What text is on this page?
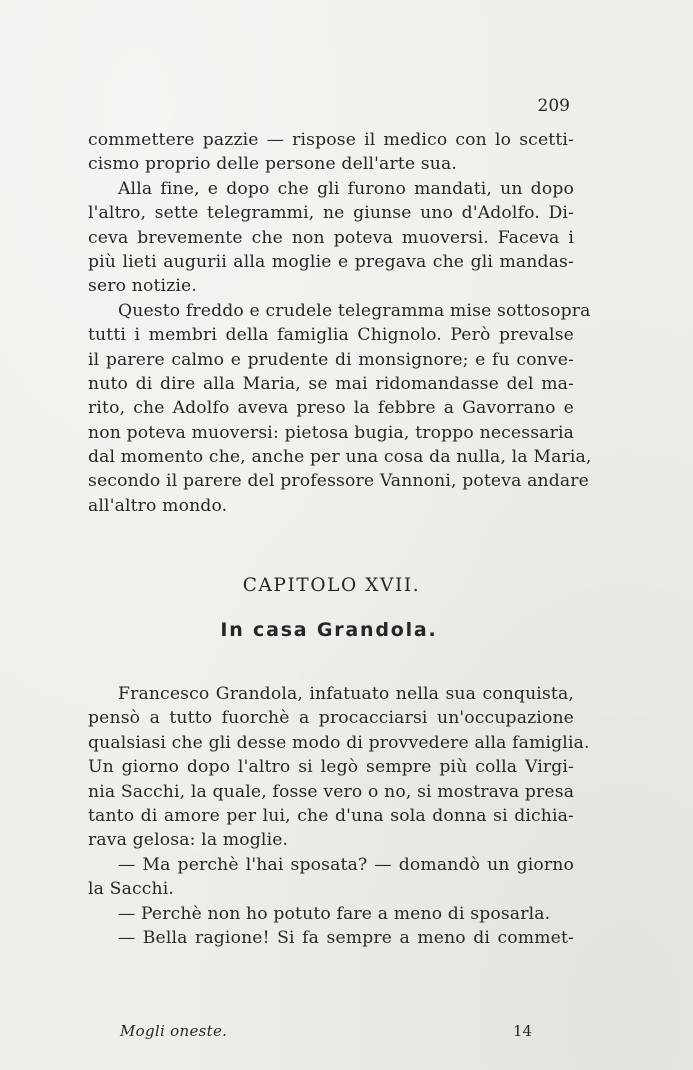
209
commettere pazzie — rispose il medico con lo scetti-
cismo proprio delle persone dell'arte sua.
Alla fine, e dopo che gli furono mandati, un dopo
l'altro, sette telegrammi, ne giunse uno d'Adolfo. Di-
ceva brevemente che non poteva muoversi. Faceva i
più lieti augurii alla moglie e pregava che gli mandas-
sero notizie.
Questo freddo e crudele telegramma mise sottosopra
tutti i membri della famiglia Chignolo. Però prevalse
il parere calmo e prudente di monsignore; e fu conve-
nuto di dire alla Maria, se mai ridomandasse del ma-
rito, che Adolfo aveva preso la febbre a Gavorrano e
non poteva muoversi: pietosa bugia, troppo necessaria
dal momento che, anche per una cosa da nulla, la Maria,
secondo il parere del professore Vannoni, poteva andare
all'altro mondo.
CAPITOLO XVII.
In casa Grandola.
Francesco Grandola, infatuato nella sua conquista,
pensò a tutto fuorchè a procacciarsi un'occupazione
qualsiasi che gli desse modo di provvedere alla famiglia.
Un giorno dopo l'altro si legò sempre più colla Virgi-
nia Sacchi, la quale, fosse vero o no, si mostrava presa
tanto di amore per lui, che d'una sola donna si dichia-
rava gelosa: la moglie.
— Ma perchè l'hai sposata? — domandò un giorno
la Sacchi.
— Perchè non ho potuto fare a meno di sposarla.
— Bella ragione! Si fa sempre a meno di commet-
Mogli oneste.	14
